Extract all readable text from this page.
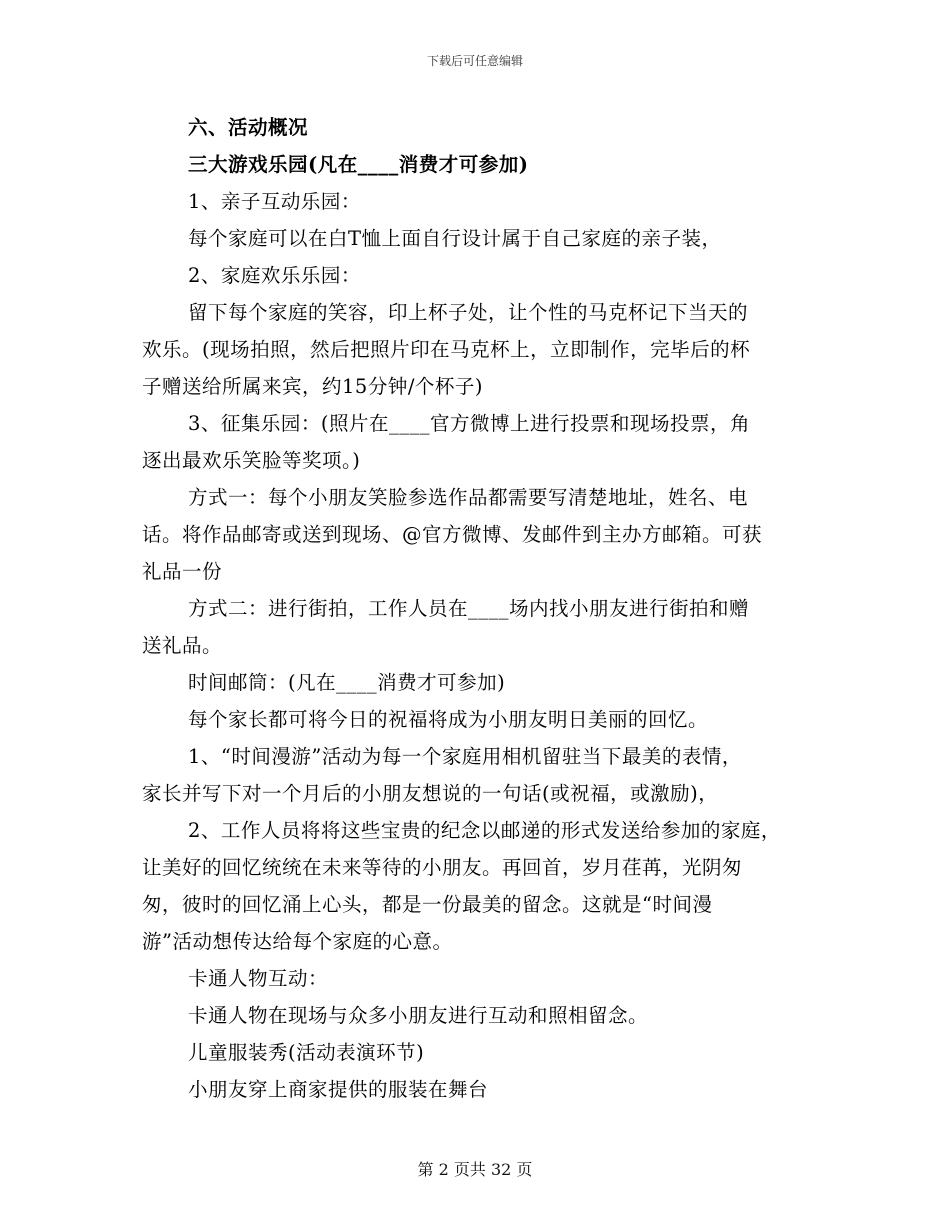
下载后可任意编辑
六、活动概况
三大游戏乐园(凡在____消费才可参加)
1、亲子互动乐园：
每个家庭可以在白T恤上面自行设计属于自己家庭的亲子装，
2、家庭欢乐乐园：
留下每个家庭的笑容，印上杯子处，让个性的马克杯记下当天的
欢乐。(现场拍照，然后把照片印在马克杯上，立即制作，完毕后的杯
子赠送给所属来宾，约15分钟/个杯子)
3、征集乐园：(照片在____官方微博上进行投票和现场投票，角
逐出最欢乐笑脸等奖项。)
方式一：每个小朋友笑脸参选作品都需要写清楚地址，姓名、电
话。将作品邮寄或送到现场、@官方微博、发邮件到主办方邮箱。可获
礼品一份
方式二：进行街拍，工作人员在____场内找小朋友进行街拍和赠
送礼品。
时间邮筒：(凡在____消费才可参加)
每个家长都可将今日的祝福将成为小朋友明日美丽的回忆。
1、“时间漫游”活动为每一个家庭用相机留驻当下最美的表情，
家长并写下对一个月后的小朋友想说的一句话(或祝福，或激励)，
2、工作人员将将这些宝贵的纪念以邮递的形式发送给参加的家庭，
让美好的回忆统统在未来等待的小朋友。再回首，岁月荏苒，光阴匆
匆，彼时的回忆涌上心头，都是一份最美的留念。这就是“时间漫
游”活动想传达给每个家庭的心意。
卡通人物互动：
卡通人物在现场与众多小朋友进行互动和照相留念。
儿童服装秀(活动表演环节)
小朋友穿上商家提供的服装在舞台
第 2 页共 32 页
